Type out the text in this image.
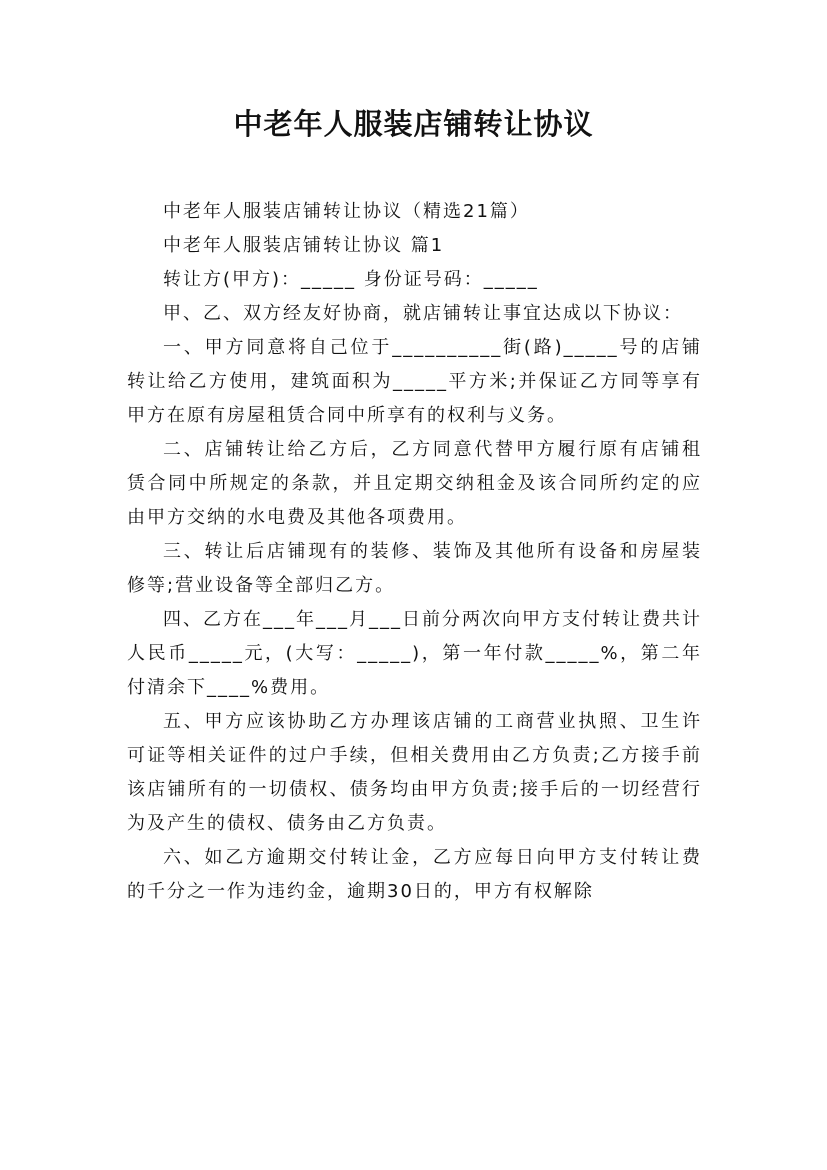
中老年人服装店铺转让协议

中老年人服装店铺转让协议（精选21篇）

中老年人服装店铺转让协议 篇1

转让方(甲方)：_____ 身份证号码：_____

甲、乙、双方经友好协商，就店铺转让事宜达成以下协议：

一、甲方同意将自己位于__________街(路)_____号的店铺转让给乙方使用，建筑面积为_____平方米;并保证乙方同等享有甲方在原有房屋租赁合同中所享有的权利与义务。

二、店铺转让给乙方后，乙方同意代替甲方履行原有店铺租赁合同中所规定的条款，并且定期交纳租金及该合同所约定的应由甲方交纳的水电费及其他各项费用。

三、转让后店铺现有的装修、装饰及其他所有设备和房屋装修等;营业设备等全部归乙方。

四、乙方在___年___月___日前分两次向甲方支付转让费共计人民币_____元，(大写：_____)，第一年付款_____%，第二年付清余下____%费用。

五、甲方应该协助乙方办理该店铺的工商营业执照、卫生许可证等相关证件的过户手续，但相关费用由乙方负责;乙方接手前该店铺所有的一切债权、债务均由甲方负责;接手后的一切经营行为及产生的债权、债务由乙方负责。

六、如乙方逾期交付转让金，乙方应每日向甲方支付转让费的千分之一作为违约金，逾期30日的，甲方有权解除
